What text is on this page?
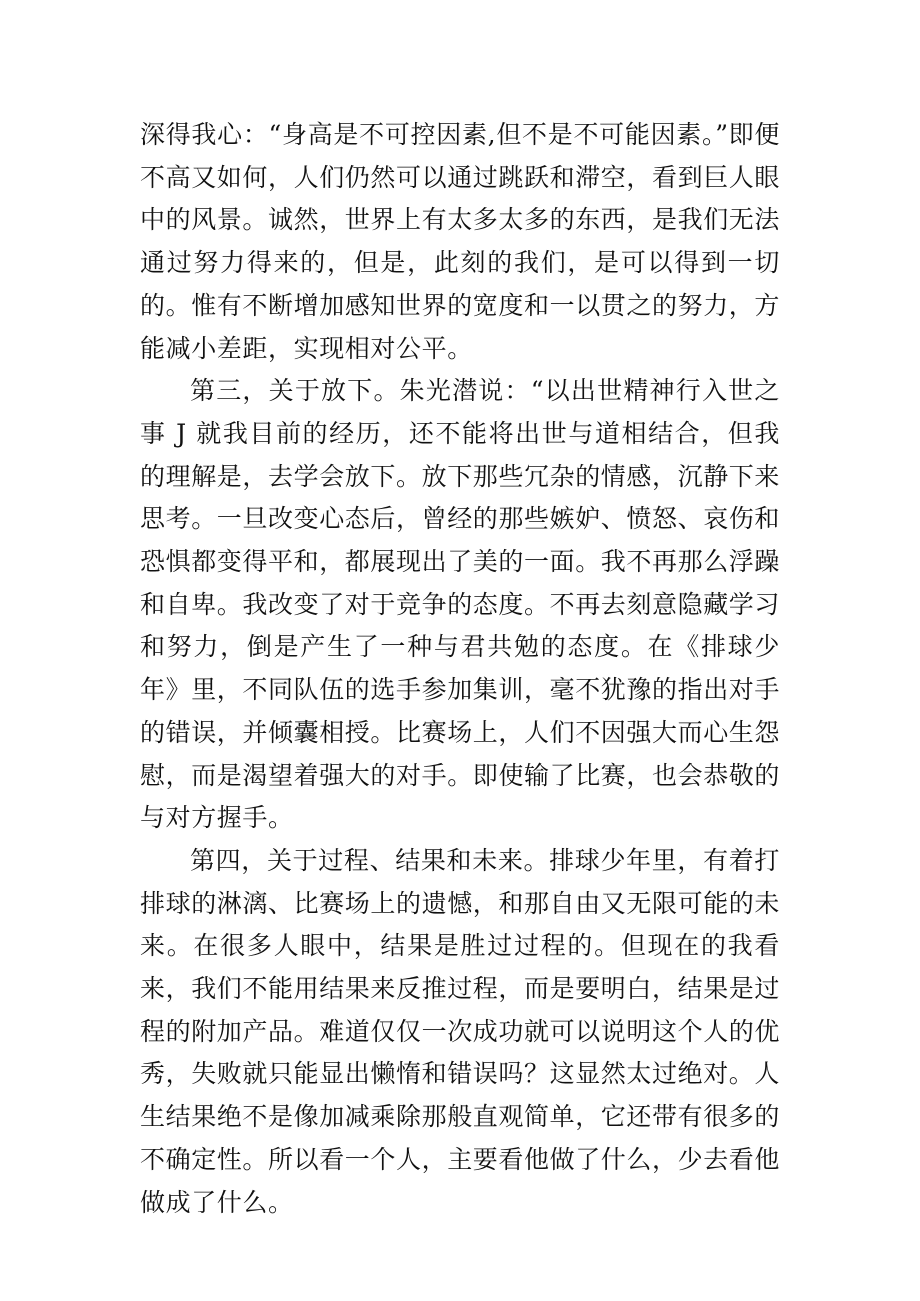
深得我心：“身高是不可控因素,但不是不可能因素。”即便不高又如何，人们仍然可以通过跳跃和滞空，看到巨人眼中的风景。诚然，世界上有太多太多的东西，是我们无法通过努力得来的，但是，此刻的我们，是可以得到一切的。惟有不断增加感知世界的宽度和一以贯之的努力，方能减小差距，实现相对公平。

第三，关于放下。朱光潜说：“以出世精神行入世之事 J 就我目前的经历，还不能将出世与道相结合，但我的理解是，去学会放下。放下那些冗杂的情感，沉静下来思考。一旦改变心态后，曾经的那些嫉妒、愤怒、哀伤和恐惧都变得平和，都展现出了美的一面。我不再那么浮躁和自卑。我改变了对于竞争的态度。不再去刻意隐藏学习和努力，倒是产生了一种与君共勉的态度。在《排球少年》里，不同队伍的选手参加集训，毫不犹豫的指出对手的错误，并倾囊相授。比赛场上，人们不因强大而心生怨慰，而是渴望着强大的对手。即使输了比赛，也会恭敬的与对方握手。

第四，关于过程、结果和未来。排球少年里，有着打排球的淋漓、比赛场上的遗憾，和那自由又无限可能的未来。在很多人眼中，结果是胜过过程的。但现在的我看来，我们不能用结果来反推过程，而是要明白，结果是过程的附加产品。难道仅仅一次成功就可以说明这个人的优秀，失败就只能显出懒惰和错误吗？这显然太过绝对。人生结果绝不是像加减乘除那般直观简单，它还带有很多的不确定性。所以看一个人，主要看他做了什么，少去看他做成了什么。
